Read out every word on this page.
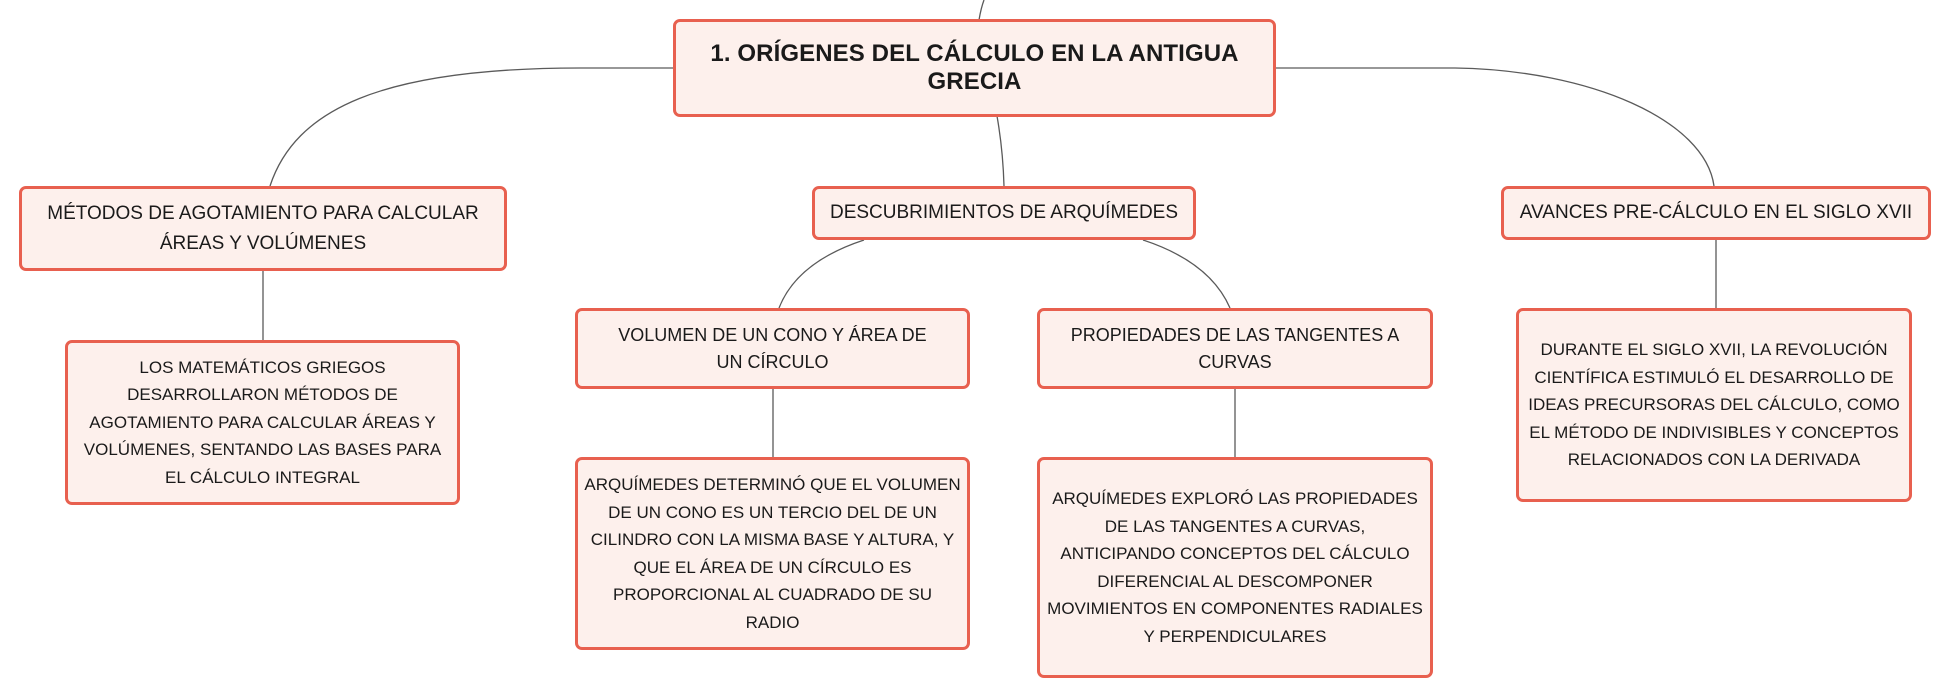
1. ORÍGENES DEL CÁLCULO EN LA ANTIGUA GRECIA
MÉTODOS DE AGOTAMIENTO PARA CALCULAR ÁREAS Y VOLÚMENES
DESCUBRIMIENTOS DE ARQUÍMEDES	AVANCES PRE-CÁLCULO EN EL SIGLO XVII
LOS MATEMÁTICOS GRIEGOS DESARROLLARON MÉTODOS DE AGOTAMIENTO PARA CALCULAR ÁREAS Y VOLÚMENES, SENTANDO LAS BASES PARA EL CÁLCULO INTEGRAL
VOLUMEN DE UN CONO Y ÁREA DE UN CÍRCULO
PROPIEDADES DE LAS TANGENTES A CURVAS
ARQUÍMEDES DETERMINÓ QUE EL VOLUMEN DE UN CONO ES UN TERCIO DEL DE UN CILINDRO CON LA MISMA BASE Y ALTURA, Y QUE EL ÁREA DE UN CÍRCULO ES PROPORCIONAL AL CUADRADO DE SU RADIO
ARQUÍMEDES EXPLORÓ LAS PROPIEDADES DE LAS TANGENTES A CURVAS, ANTICIPANDO CONCEPTOS DEL CÁLCULO DIFERENCIAL AL DESCOMPONER MOVIMIENTOS EN COMPONENTES RADIALES Y PERPENDICULARES
DURANTE EL SIGLO XVII, LA REVOLUCIÓN CIENTÍFICA ESTIMULÓ EL DESARROLLO DE IDEAS PRECURSORAS DEL CÁLCULO, COMO EL MÉTODO DE INDIVISIBLES Y CONCEPTOS RELACIONADOS CON LA DERIVADA
